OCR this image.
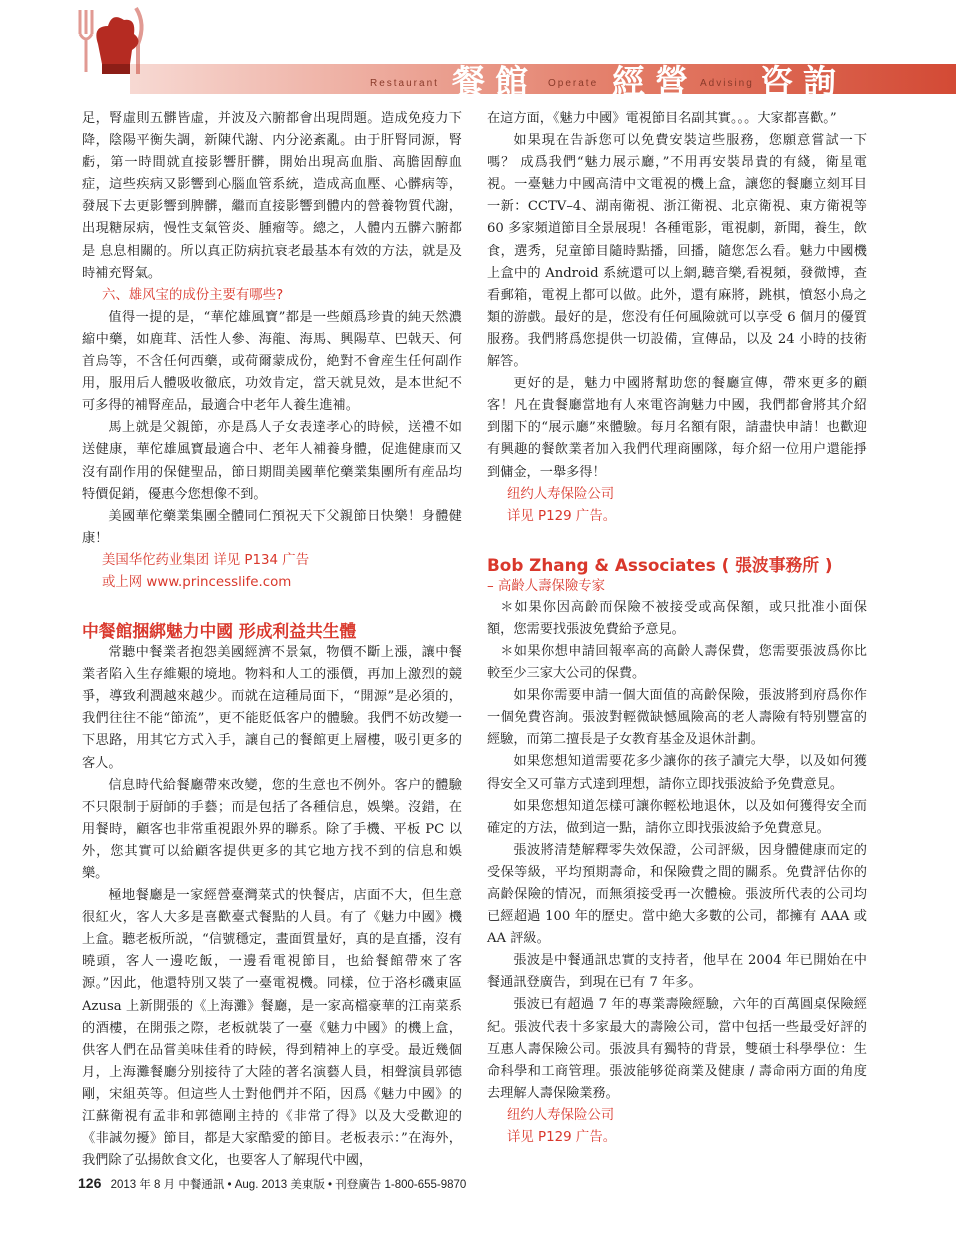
Restaurant 餐館 Operate 經營 Advising 咨詢

足，腎虛則五髒皆虛，并波及六腑都會出現問題。造成免疫力下降，陰陽平衡失調，新陳代謝、内分泌紊亂。由于肝腎同源，腎虧，第一時間就直接影響肝髒，開始出現高血脂、高膽固醇血症，這些疾病又影響到心腦血管系統，造成高血壓、心髒病等，發展下去更影響到脾髒，繼而直接影響到體内的營養物質代謝，出現糖尿病，慢性支氣管炎、腫瘤等。總之，人體内五髒六腑都 是 息息相關的。所以真正防病抗衰老最基本有效的方法，就是及時補充腎氣。

六、雄风宝的成份主要有哪些?

值得一提的是，“華佗雄風寶”都是一些頗爲珍貴的純天然濃縮中藥，如鹿茸、活性人參、海龍、海馬、興陽草、巴戟天、何首烏等，不含任何西藥，或荷爾蒙成份，絶對不會産生任何副作用，服用后人體吸收徹底，功效肯定，當天就見效，是本世紀不可多得的補腎産品，最適合中老年人養生進補。

馬上就是父親節，亦是爲人子女表達孝心的時候，送禮不如送健康，華佗雄風寶最適合中、老年人補養身體，促進健康而又沒有副作用的保健聖品，節日期間美國華佗藥業集團所有産品均特價促銷，優惠今您想像不到。

美國華佗藥業集團全體同仁預祝天下父親節日快樂！身體健康！

美国华佗药业集团 详见 P134 广告

或上网 www.princesslife.com

中餐館捆綁魅力中國 形成利益共生體

常聽中餐業者抱怨美國經濟不景氣，物價不斷上漲，讓中餐業者陷入生存維艱的境地。物料和人工的漲價，再加上激烈的競爭，導致利潤越來越少。而就在這種局面下，“開源”是必須的，我們往往不能“節流”，更不能貶低客户的體驗。我們不妨改變一下思路，用其它方式入手，讓自己的餐館更上層樓，吸引更多的客人。

信息時代給餐廳帶來改變，您的生意也不例外。客户的體驗不只限制于厨師的手藝；而是包括了各種信息，娛樂。沒錯，在用餐時，顧客也非常重視跟外界的聯系。除了手機、平板 PC 以外，您其實可以給顧客提供更多的其它地方找不到的信息和娛樂。

極地餐廳是一家經營臺灣菜式的快餐店，店面不大，但生意很紅火，客人大多是喜歡臺式餐點的人員。有了《魅力中國》機上盒。聽老板所説，“信號穩定，畫面質量好，真的是直播，沒有曉頭，客人一邊吃飯，一邊看電視節目，也給餐館帶來了客源。”因此，他還特別又裝了一臺電視機。同樣，位于洛杉磯東區 Azusa 上新開張的《上海灘》餐廳，是一家高檔豪華的江南菜系的酒樓，在開張之際，老板就裝了一臺《魅力中國》的機上盒，供客人們在品嘗美味佳肴的時候，得到精神上的享受。最近幾個月，上海灘餐廳分别接待了大陸的著名演藝人員，相聲演員郭德剛，宋組英等。但這些人士對他們并不陌，因爲《魅力中國》的江蘇衛視有孟非和郭德剛主持的《非常了得》以及大受歡迎的《非誠勿擾》節目，都是大家酷愛的節目。老板表示：”在海外，我們除了弘揚飲食文化，也要客人了解現代中國，

在這方面，《魅力中國》電視節目名副其實。。。大家都喜歡。”

如果現在告訴您可以免費安裝這些服務，您願意嘗試一下嗎？ 成爲我們“魅力展示廳，”不用再安裝昂貴的有綫，衛星電視。一臺魅力中國高清中文電視的機上盒，讓您的餐廳立刻耳目一新：CCTV–4、湖南衛視、浙江衛視、北京衛視、東方衛視等 60 多家頻道節目全景展現！各種電影，電視劇，新聞，養生，飲食，選秀，兒童節目隨時點播，回播，隨您怎么看。魅力中國機上盒中的 Android 系統還可以上網,聽音樂,看視頻，發微博，查看郵箱，電視上都可以做。此外，還有麻將，跳棋，憤怒小鳥之類的游戲。最好的是，您没有任何風險就可以享受 6 個月的優質服務。我們將爲您提供一切設備，宣傳品，以及 24 小時的技術解答。

更好的是，魅力中國將幫助您的餐廳宣傳，帶來更多的顧客！凡在貴餐廳當地有人來電咨詢魅力中國，我們都會將其介紹到閣下的“展示廳”來體驗。每月名額有限，請盡快申請！也歡迎有興趣的餐飲業者加入我們代理商團隊，每介紹一位用户還能掙到傭金，一舉多得！

纽约人寿保险公司

详见 P129 广告。

Bob Zhang & Associates ( 張波事務所 )

– 高齡人壽保險专家

＊如果你因高齡而保險不被接受或高保額，或只批准小面保額，您需要找張波免費給予意見。

＊如果你想申請回報率高的高齡人壽保費，您需要張波爲你比較至少三家大公司的保費。

如果你需要申請一個大面值的高齡保險，張波將到府爲你作一個免費咨詢。張波對輕微缺憾風險高的老人壽險有特别豐富的經驗，而第二擅長是子女教育基金及退休計劃。

如果您想知道需要花多少讓你的孩子讀完大學，以及如何獲得安全又可靠方式達到理想，請你立即找張波給予免費意見。

如果您想知道怎樣可讓你輕松地退休，以及如何獲得安全而確定的方法，做到這一點，請你立即找張波給予免費意見。

張波將清楚解釋零失效保證，公司評級，因身體健康而定的受保等級，平均預期壽命，和保險費之間的關系。免費評估你的高齡保險的情况，而無須接受再一次體檢。張波所代表的公司均已經超過 100 年的歷史。當中絶大多數的公司，都擁有 AAA 或 AA 評級。

張波是中餐通訊忠實的支持者，他早在 2004 年已開始在中餐通訊登廣告，到現在已有 7 年多。

張波已有超過 7 年的專業壽險經驗，六年的百萬圓桌保險經紀。張波代表十多家最大的壽險公司，當中包括一些最受好評的互惠人壽保險公司。張波具有獨特的背景，雙碩士科學學位：生命科學和工商管理。張波能够從商業及健康 / 壽命兩方面的角度去理解人壽保險業務。

纽约人寿保险公司

详见 P129 广告。

126 2013 年 8 月 中餐通訊 • Aug. 2013 美東版 • 刊登廣告 1-800-655-9870
